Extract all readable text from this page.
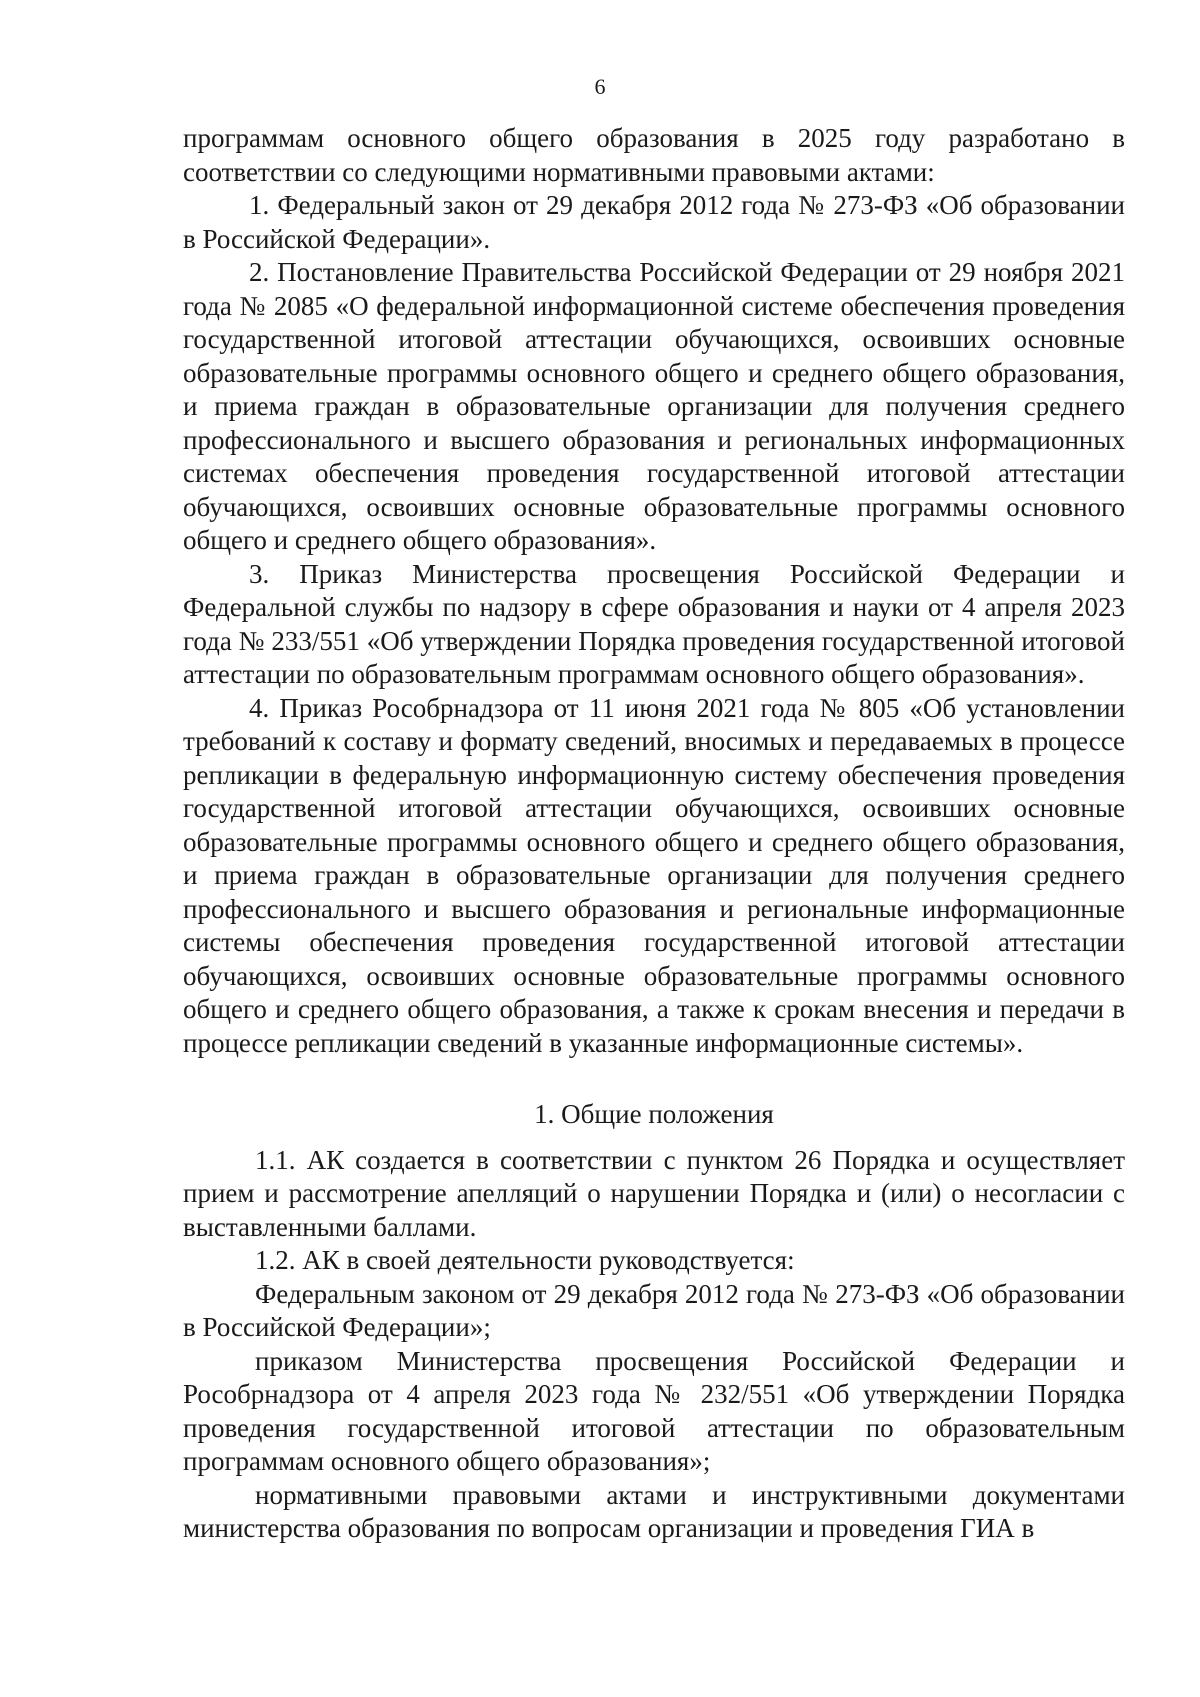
6

программам основного общего образования в 2025 году разработано в соответствии со следующими нормативными правовыми актами:

1. Федеральный закон от 29 декабря 2012 года № 273-ФЗ «Об образовании в Российской Федерации».

2. Постановление Правительства Российской Федерации от 29 ноября 2021 года № 2085 «О федеральной информационной системе обеспечения проведения государственной итоговой аттестации обучающихся, освоивших основные образовательные программы основного общего и среднего общего образования, и приема граждан в образовательные организации для получения среднего профессионального и высшего образования и региональных информационных системах обеспечения проведения государственной итоговой аттестации обучающихся, освоивших основные образовательные программы основного общего и среднего общего образования».

3. Приказ Министерства просвещения Российской Федерации и Федеральной службы по надзору в сфере образования и науки от 4 апреля 2023 года № 233/551 «Об утверждении Порядка проведения государственной итоговой аттестации по образовательным программам основного общего образования».

4. Приказ Рособрнадзора от 11 июня 2021 года № 805 «Об установлении требований к составу и формату сведений, вносимых и передаваемых в процессе репликации в федеральную информационную систему обеспечения проведения государственной итоговой аттестации обучающихся, освоивших основные образовательные программы основного общего и среднего общего образования, и приема граждан в образовательные организации для получения среднего профессионального и высшего образования и региональные информационные системы обеспечения проведения государственной итоговой аттестации обучающихся, освоивших основные образовательные программы основного общего и среднего общего образования, а также к срокам внесения и передачи в процессе репликации сведений в указанные информационные системы».

1. Общие положения

1.1. АК создается в соответствии с пунктом 26 Порядка и осуществляет прием и рассмотрение апелляций о нарушении Порядка и (или) о несогласии с выставленными баллами.

1.2. АК в своей деятельности руководствуется:

Федеральным законом от 29 декабря 2012 года № 273-ФЗ «Об образовании в Российской Федерации»;

приказом Министерства просвещения Российской Федерации и Рособрнадзора от 4 апреля 2023 года № 232/551 «Об утверждении Порядка проведения государственной итоговой аттестации по образовательным программам основного общего образования»;

нормативными правовыми актами и инструктивными документами министерства образования по вопросам организации и проведения ГИА в
